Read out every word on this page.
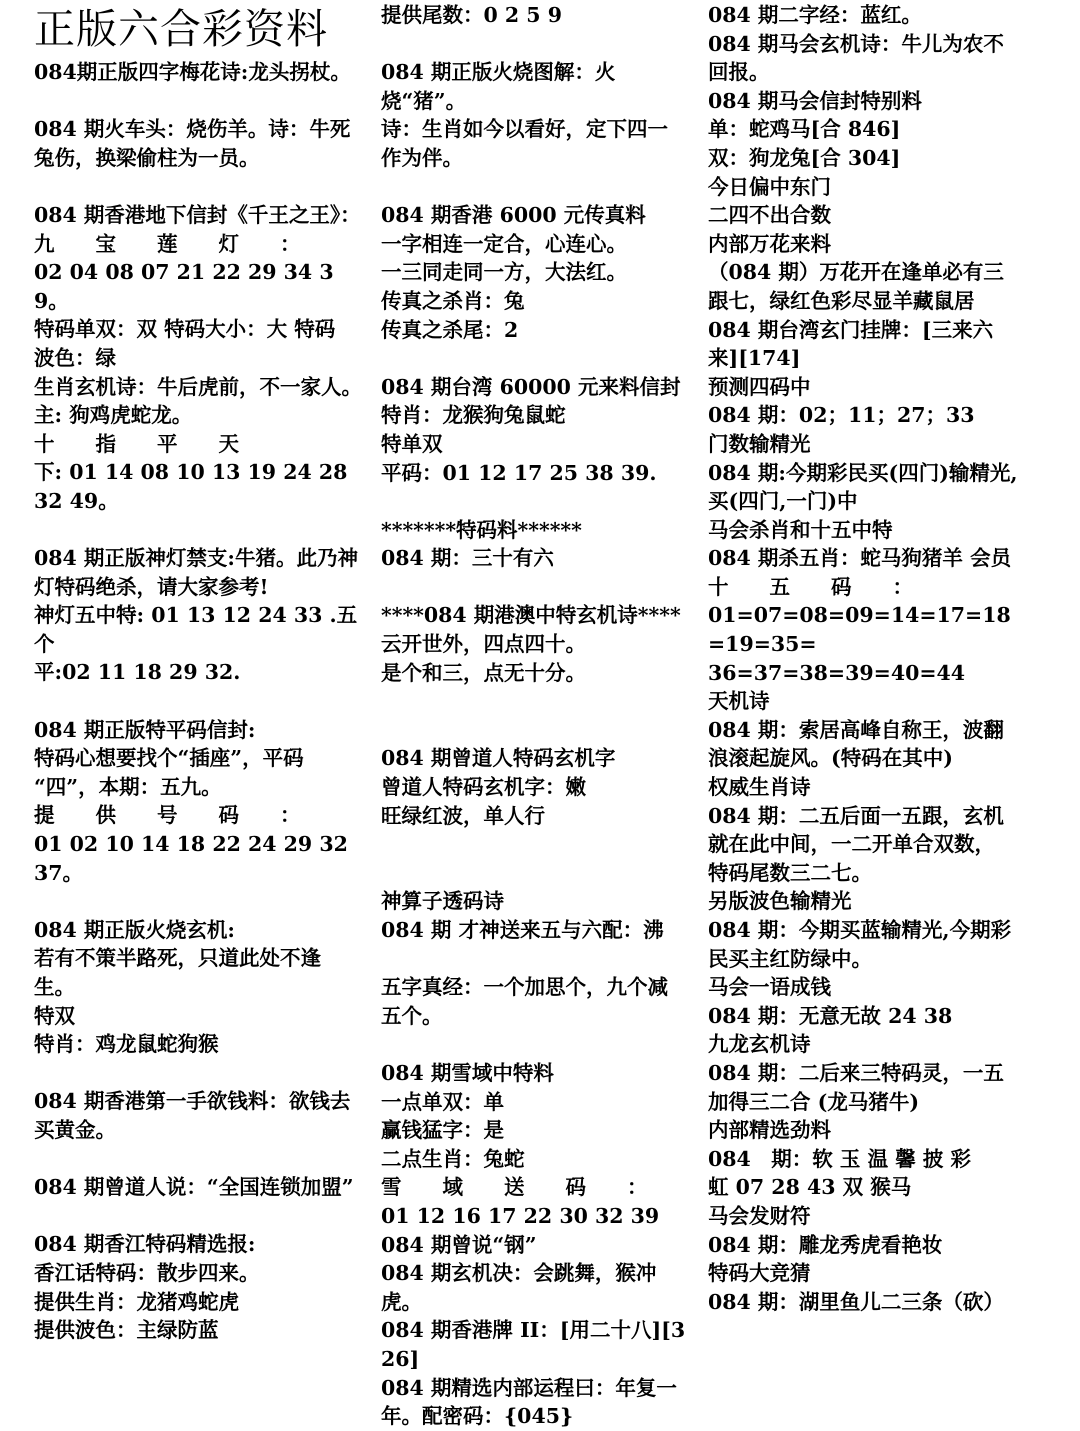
正版六合彩资料
084期正版四字梅花诗:龙头拐杖。

084 期火车头：烧伤羊。诗：牛死
兔伤，换梁偷柱为一员。

084 期香港地下信封《千王之王》：
九　　宝　　莲　　灯　　：
02 04 08 07 21 22 29 34 39。
特码单双：双 特码大小：大 特码
波色：绿
生肖玄机诗：牛后虎前，不一家人。
主: 狗鸡虎蛇龙。
十　　指　　平　　天
下: 01 14 08 10 13 19 24 28 32 49。

084 期正版神灯禁支:牛猪。此乃神
灯特码绝杀，请大家参考!
神灯五中特: 01 13 12 24 33 .五个
平:02 11 18 29 32.

084 期正版特平码信封:
特码心想要找个“插座”，平码
“四”，本期：五九。
提　　供　　号　　码　　：
01 02 10 14 18 22 24 29 32 37。

084 期正版火烧玄机:
若有不策半路死，只道此处不逢
生。
特双
特肖：鸡龙鼠蛇狗猴

084 期香港第一手欲钱料：欲钱去
买黄金。

084 期曾道人说：“全国连锁加盟”

084 期香江特码精选报:
香江话特码：散步四来。
提供生肖：龙猪鸡蛇虎
提供波色：主绿防蓝
提供尾数：0 2 5 9

084 期正版火烧图解：火烧“猪”。
诗：生肖如今以看好，定下四一
作为伴。

084 期香港 6000 元传真料
一字相连一定合，心连心。
一三同走同一方，大法红。
传真之杀肖：兔
传真之杀尾：2

084 期台湾 60000 元来料信封
特肖：龙猴狗兔鼠蛇
特单双
平码：01 12 17 25 38 39.

*******特码料******
084 期：三十有六

****084 期港澳中特玄机诗****
云开世外，四点四十。
是个和三，点无十分。

084 期曾道人特码玄机字
曾道人特码玄机字：嫩
旺绿红波，单人行

神算子透码诗
084 期 才神送来五与六配：沸

五字真经：一个加思个，九个减
五个。

084 期雪域中特料
一点单双：单
赢钱猛字：是
二点生肖：兔蛇
雪　　域　　送　　码　　：
01 12 16 17 22 30 32 39
084 期曾说“钢”
084 期玄机决：会跳舞，猴冲虎。
084 期香港牌 II：[用二十八][326]
084 期精选内部运程曰：年复一
年。配密码：{045}
084 期二字经：蓝红。
084 期马会玄机诗：牛儿为农不
回报。
084 期马会信封特别料
单：蛇鸡马[合 846]
双：狗龙兔[合 304]
今日偏中东门
二四不出合数
内部万花来料
（084 期）万花开在逢单必有三
跟七，绿红色彩尽显羊藏鼠居
084 期台湾玄门挂牌：[三来六
来][174]
预测四码中
084 期：02；11；27；33
门数输精光
084 期:今期彩民买(四门)输精光,
买(四门,一门)中
马会杀肖和十五中特
084 期杀五肖：蛇马狗猪羊 会员
十　　五　　码　　：
01=07=08=09=14=17=18=19=35=
36=37=38=39=40=44
天机诗
084 期：索居高峰自称王，波翻
浪滚起旋风。(特码在其中)
权威生肖诗
084 期：二五后面一五跟，玄机
就在此中间，一二开单合双数，
特码尾数三二七。
另版波色输精光
084 期：今期买蓝输精光,今期彩
民买主红防绿中。
马会一语成钱
084 期：无意无故 24 38
九龙玄机诗
084 期：二后来三特码灵，一五
加得三二合 (龙马猪牛)
内部精选劲料
084　期：软 玉 温 馨 披 彩
虹 07 28 43 双 猴马
马会发财符
084 期：雕龙秀虎看艳妆
特码大竞猜
084 期：湖里鱼儿二三条（砍）
